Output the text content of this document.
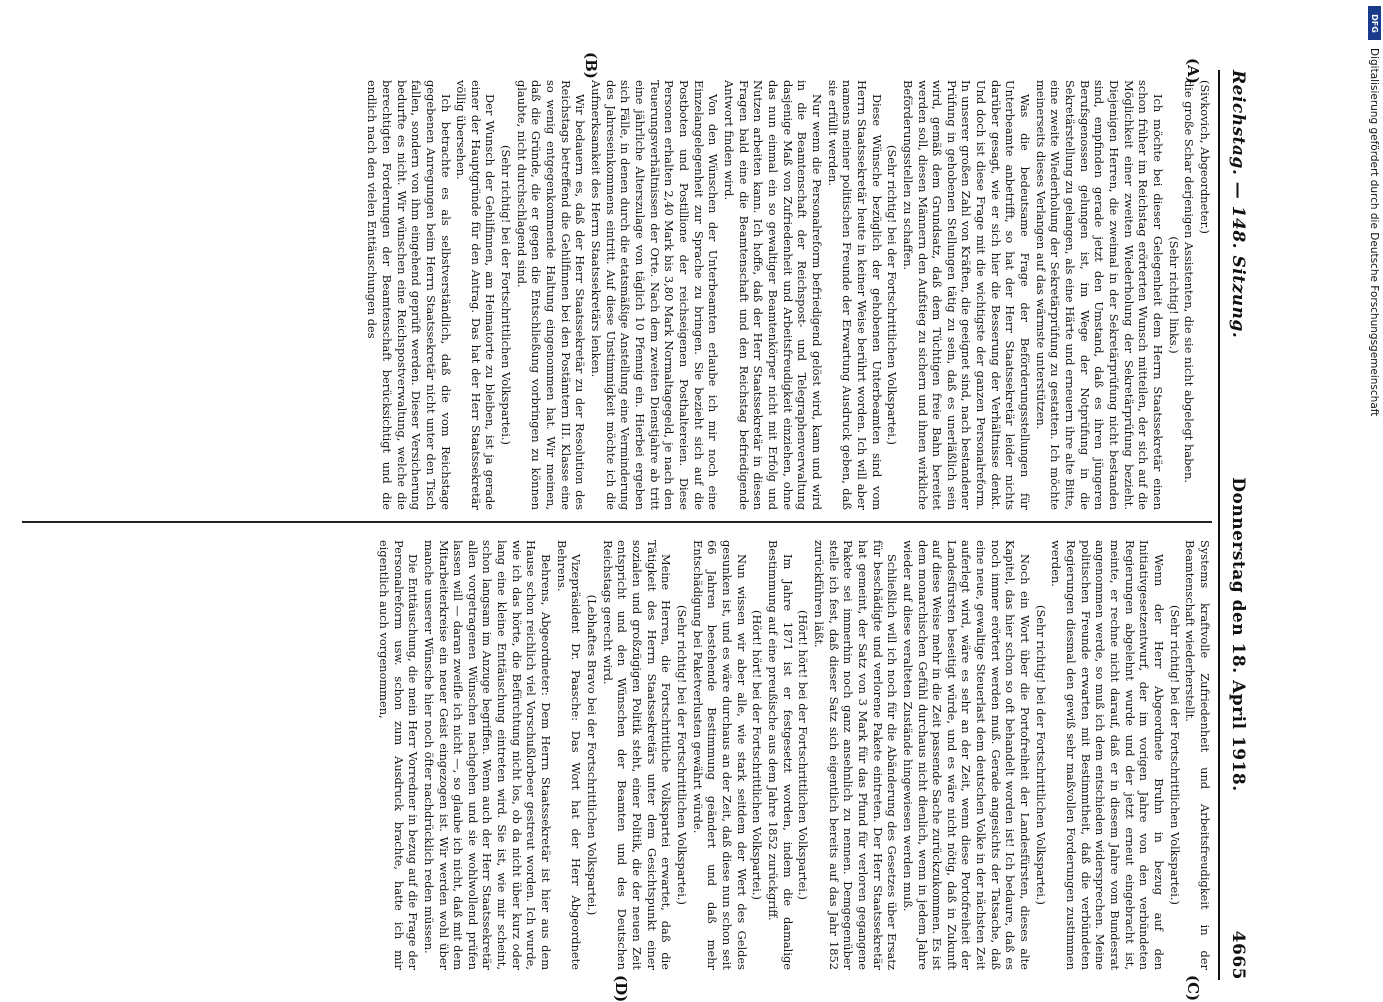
Reichstag. — 148. Sitzung.
Donnerstag den 18. April 1918.
4665
(A)
(B)
(C)
(D)

(Sivkovich, Abgeordneter.)

die große Schar derjenigen Assistenten, die sie nicht abgelegt haben.

(Sehr richtig! links.)

Ich möchte bei dieser Gelegenheit dem Herrn Staatssekretär einen schon früher im Reichstag erörterten Wunsch mitteilen, der sich auf die Möglichkeit einer zweiten Wiederholung der Sekretärprüfung bezieht. Diejenigen Herren, die zweimal in der Sekretärprüfung nicht bestanden sind, empfinden gerade jetzt den Umstand, daß es ihren jüngeren Berufsgenossen gelungen ist, im Wege der Notprüfung in die Sekretärstellung zu gelangen, als eine Härte und erneuern ihre alte Bitte, eine zweite Wiederholung der Sekretärprüfung zu gestatten. Ich möchte meinerseits dieses Verlangen auf das wärmste unterstützen.

Was die bedeutsame Frage der Beförderungsstellungen für Unterbeamte anbetrifft, so hat der Herr Staatssekretär leider nichts darüber gesagt, wie er sich hier die Besserung der Verhältnisse denkt. Und doch ist diese Frage mit die wichtigste der ganzen Personalreform. In unserer großen Zahl von Kräften, die geeignet sind, nach bestandener Prüfung in gehobenen Stellungen tätig zu sein, daß es unerläßlich sein wird, gemäß dem Grundsatz, daß dem Tüchtigen freie Bahn bereitet werden soll, diesen Männern den Aufstieg zu sichern und ihnen wirkliche Beförderungsstellen zu schaffen.

(Sehr richtig! bei der Fortschrittlichen Volkspartei.)

Diese Wünsche bezüglich der gehobenen Unterbeamten sind vom Herrn Staatssekretär heute in keiner Weise berührt worden. Ich will aber namens meiner politischen Freunde der Erwartung Ausdruck geben, daß sie erfüllt werden.

Nur wenn die Personalreform befriedigend gelöst wird, kann und wird in die Beamtenschaft der Reichspost- und Telegraphenverwaltung dasjenige Maß von Zufriedenheit und Arbeitsfreudigkeit einziehen, ohne das nun einmal ein so gewaltiger Beamtenkörper nicht mit Erfolg und Nutzen arbeiten kann. Ich hoffe, daß der Herr Staatssekretär in diesen Fragen bald eine die Beamtenschaft und den Reichstag befriedigende Antwort finden wird.

Von den Wünschen der Unterbeamten erlaube ich mir noch eine Einzelangelegenheit zur Sprache zu bringen. Sie bezieht sich auf die Postboten und Postillione der reichseigenen Posthaltereien. Diese Personen erhalten 2,40 Mark bis 3,80 Mark Normaltagegeld, je nach den Teuerungsverhältnissen der Orte. Nach dem zweiten Dienstjahre ab tritt eine jährliche Alterszulage von täglich 10 Pfennig ein. Hierbei ergeben sich Fälle, in denen durch die etatsmäßige Anstellung eine Verminderung des Jahreseinkommens eintritt. Auf diese Unstimmigkeit möchte ich die Aufmerksamkeit des Herrn Staatssekretärs lenken.

Wir bedauern es, daß der Herr Staatssekretär zu der Resolution des Reichstags betreffend die Gehilfinnen bei den Postämtern III. Klasse eine so wenig entgegenkommende Haltung eingenommen hat. Wir meinen, daß die Gründe, die er gegen die Entschließung vorbringen zu können glaubte, nicht durchschlagend sind.

(Sehr richtig! bei der Fortschrittlichen Volkspartei.)

Der Wunsch der Gehilfinnen, am Heimatorte zu bleiben, ist ja gerade einer der Hauptgründe für den Antrag. Das hat der Herr Staatssekretär völlig übersehen.

Ich betrachte es als selbstverständlich, daß die vom Reichstage gegebenen Anregungen beim Herrn Staatssekretär nicht unter den Tisch fallen, sondern von ihm eingehend geprüft werden. Dieser Versicherung bedurfte es nicht. Wir wünschen eine Reichspostverwaltung, welche die berechtigten Forderungen der Beamtenschaft berücksichtigt und die endlich nach den vielen Enttäuschungen des

Systems kraftvolle Zufriedenheit und Arbeitsfreudigkeit in der Beamtenschaft wiederherstellt.

(Sehr richtig! bei der Fortschrittlichen Volkspartei.)

Wenn der Herr Abgeordnete Bruhn in bezug auf den Initiativgesetzentwurf, der im vorigen Jahre von den verbündeten Regierungen abgelehnt wurde und der jetzt erneut eingebracht ist, meinte, er rechne nicht darauf, daß er in diesem Jahre vom Bundesrat angenommen werde, so muß ich dem entschieden widersprechen. Meine politischen Freunde erwarten mit Bestimmtheit, daß die verbündeten Regierungen diesmal den gewiß sehr maßvollen Forderungen zustimmen werden.

(Sehr richtig! bei der Fortschrittlichen Volkspartei.)

Noch ein Wort über die Portofreiheit der Landesfürsten, dieses alte Kapitel, das hier schon so oft behandelt worden ist! Ich bedaure, daß es noch immer erörtert werden muß. Gerade angesichts der Tatsache, daß eine neue, gewaltige Steuerlast dem deutschen Volke in der nächsten Zeit auferlegt wird, wäre es sehr an der Zeit, wenn diese Portofreiheit der Landesfürsten beseitigt würde, und es wäre nicht nötig, daß in Zukunft auf diese Weise mehr in die Zeit passende Sache zurückzukommen. Es ist dem monarchischen Gefühl durchaus nicht dienlich, wenn in jedem Jahre wieder auf diese veralteten Zustände hingewiesen werden muß.

Schließlich will ich noch für die Abänderung des Gesetzes über Ersatz für beschädigte und verlorene Pakete eintreten. Der Herr Staatssekretär hat gemeint, der Satz von 3 Mark für das Pfund für verloren gegangene Pakete sei immerhin noch ganz ansehnlich zu nennen. Demgegenüber stelle ich fest, daß dieser Satz sich eigentlich bereits auf das Jahr 1852 zurückführen läßt.

(Hört! hört! bei der Fortschrittlichen Volkspartei.)

Im Jahre 1871 ist er festgesetzt worden, indem die damalige Bestimmung auf eine preußische aus dem Jahre 1852 zurückgriff.

(Hört! hört! bei der Fortschrittlichen Volkspartei.)

Nun wissen wir aber alle, wie stark seitdem der Wert des Geldes gesunken ist, und es wäre durchaus an der Zeit, daß diese nun schon seit 66 Jahren bestehende Bestimmung geändert und daß mehr Entschädigung bei Paketverlusten gewährt würde.

(Sehr richtig! bei der Fortschrittlichen Volkspartei.)

Meine Herren, die Fortschrittliche Volkspartei erwartet, daß die Tätigkeit des Herrn Staatssekretärs unter dem Gesichtspunkt einer sozialen und großzügigen Politik steht, einer Politik, die der neuen Zeit entspricht und den Wünschen der Beamten und des Deutschen Reichstags gerecht wird.

(Lebhaftes Bravo bei der Fortschrittlichen Volkspartei.)

Vizepräsident Dr. Paasche: Das Wort hat der Herr Abgeordnete Behrens.

Behrens, Abgeordneter: Dem Herrn Staatssekretär ist hier aus dem Hause schon reichlich viel Vorschußlorbeer gestreut worden. Ich wurde, wie ich das hörte, die Befürchtung nicht los, ob da nicht über kurz oder lang eine kleine Enttäuschung eintreten wird. Sie ist, wie mir scheint, schon langsam im Anzuge begriffen. Wenn auch der Herr Staatssekretär allen vorgetragenen Wünschen nachgehen und sie wohlwollend prüfen lassen will — daran zweifle ich nicht —, so glaube ich nicht, daß mit dem Mitarbeiterkreise ein neuer Geist eingezogen ist. Wir werden wohl über manche unserer Wünsche hier noch öfter nachdrücklich reden müssen.

Die Enttäuschung, die mein Herr Vorredner in bezug auf die Frage der Personalreform usw. schon zum Ausdruck brachte, hatte ich mir eigentlich auch vorgenommen,

DFG
Digitalisierung gefördert durch die Deutsche Forschungsgemeinschaft
